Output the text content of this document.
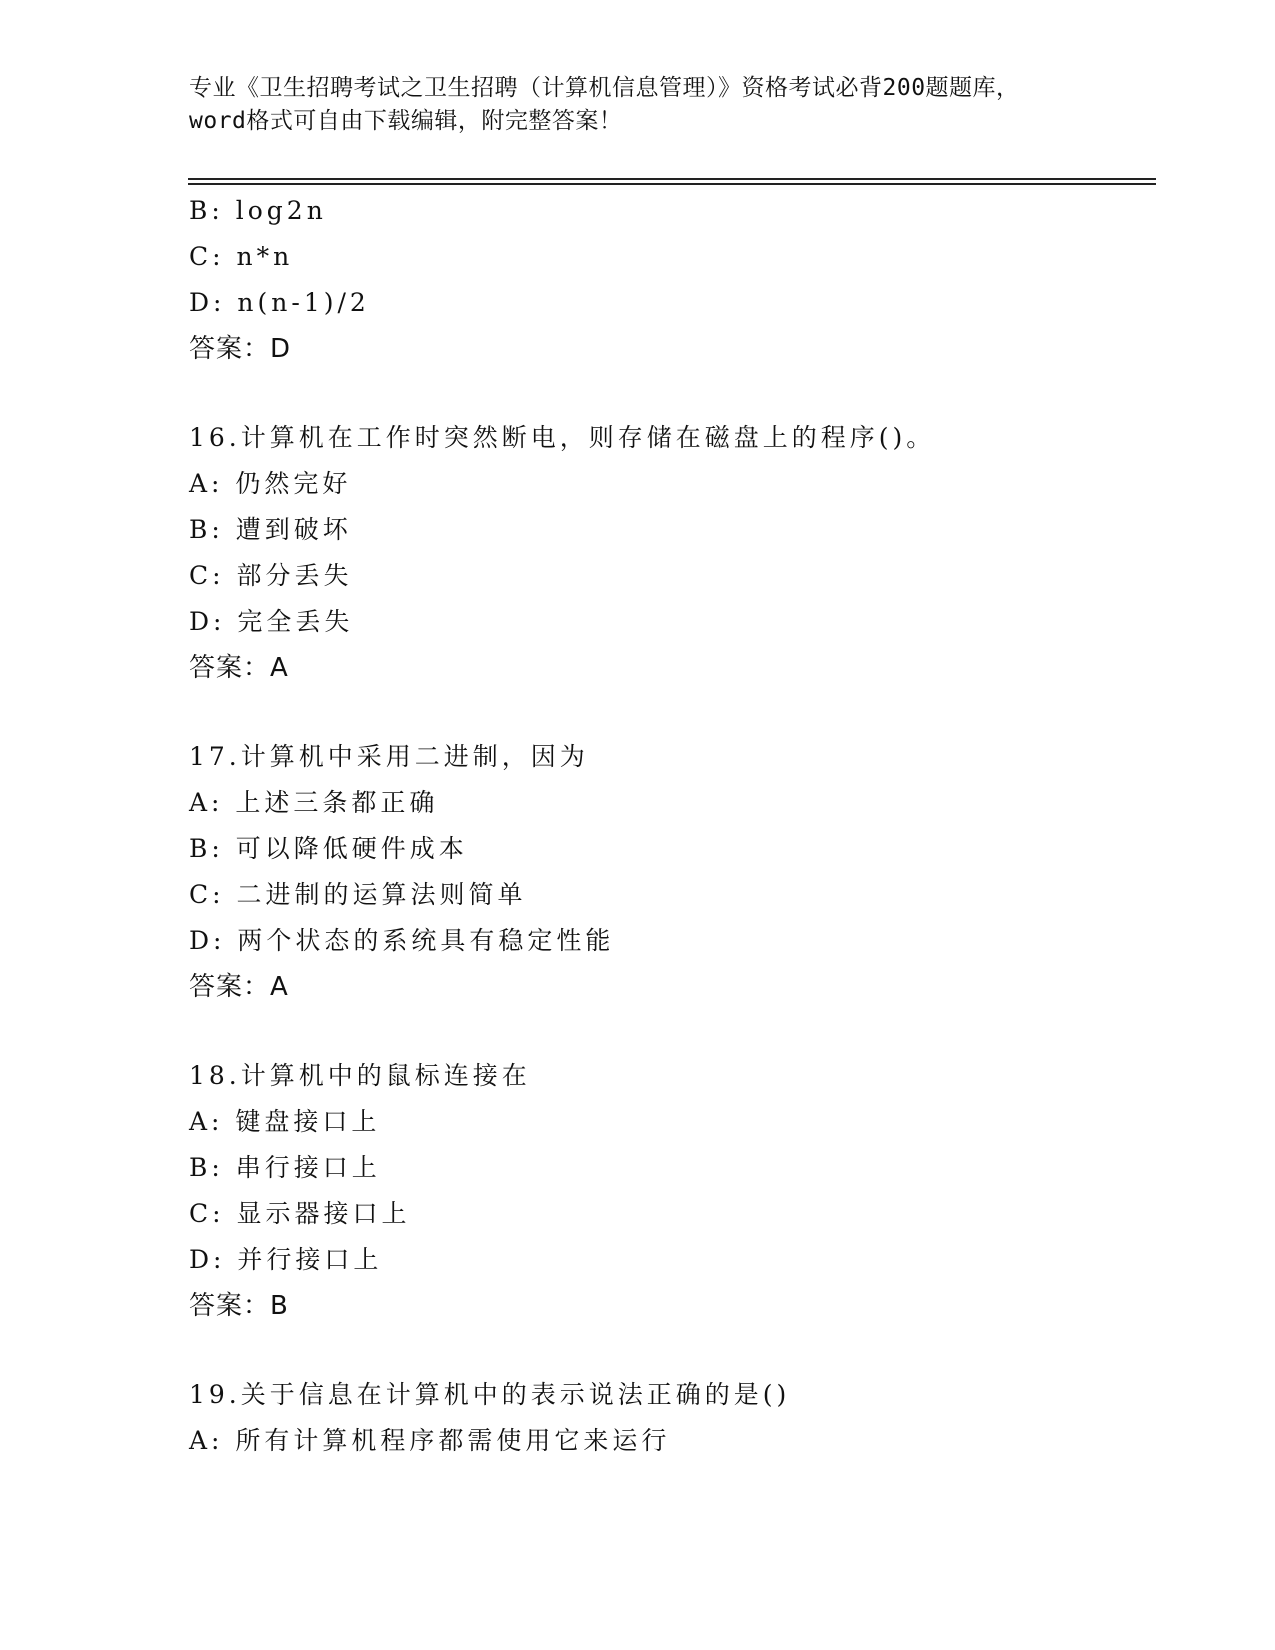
专业《卫生招聘考试之卫生招聘（计算机信息管理）》资格考试必背200题题库，
word格式可自由下载编辑，附完整答案！
B: log2n
C: n*n
D: n(n-1)/2
答案：D
16.计算机在工作时突然断电，则存储在磁盘上的程序()。
A: 仍然完好
B: 遭到破坏
C: 部分丢失
D: 完全丢失
答案：A
17.计算机中采用二进制，因为
A: 上述三条都正确
B: 可以降低硬件成本
C: 二进制的运算法则简单
D: 两个状态的系统具有稳定性能
答案：A
18.计算机中的鼠标连接在
A: 键盘接口上
B: 串行接口上
C: 显示器接口上
D: 并行接口上
答案：B
19.关于信息在计算机中的表示说法正确的是()
A: 所有计算机程序都需使用它来运行
